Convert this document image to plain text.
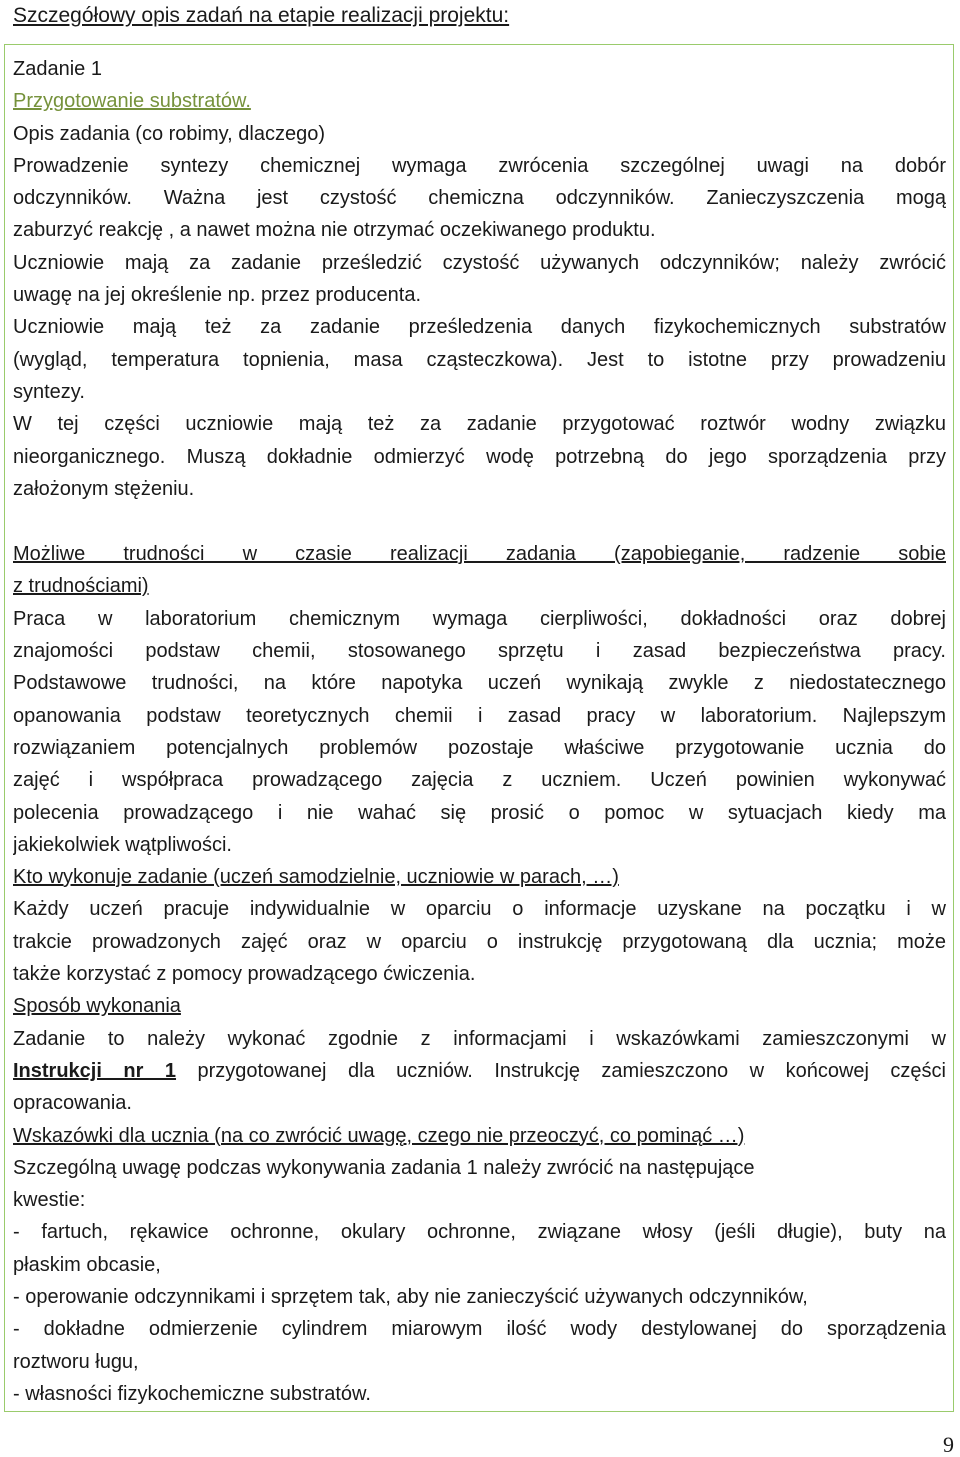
Szczegółowy opis zadań na etapie realizacji projektu:
Zadanie 1
Przygotowanie substratów.
Opis zadania (co robimy, dlaczego)
Prowadzenie syntezy chemicznej wymaga zwrócenia szczególnej uwagi na dobór
odczynników. Ważna jest czystość chemiczna odczynników. Zanieczyszczenia mogą
zaburzyć reakcję , a nawet można nie otrzymać oczekiwanego produktu.
Uczniowie mają za zadanie prześledzić czystość używanych odczynników; należy zwrócić
uwagę na jej określenie np. przez producenta.
Uczniowie mają też za zadanie prześledzenia danych fizykochemicznych substratów
(wygląd, temperatura topnienia, masa cząsteczkowa). Jest to istotne przy prowadzeniu
syntezy.
W tej części uczniowie mają też za zadanie przygotować roztwór wodny związku
nieorganicznego. Muszą dokładnie odmierzyć wodę potrzebną do jego sporządzenia przy
założonym stężeniu.
Możliwe trudności w czasie realizacji zadania (zapobieganie, radzenie sobie
z trudnościami)
Praca w laboratorium chemicznym wymaga cierpliwości, dokładności oraz dobrej
znajomości podstaw chemii, stosowanego sprzętu i zasad bezpieczeństwa pracy.
Podstawowe trudności, na które napotyka uczeń wynikają zwykle z niedostatecznego
opanowania podstaw teoretycznych chemii i zasad pracy w laboratorium. Najlepszym
rozwiązaniem potencjalnych problemów pozostaje właściwe przygotowanie ucznia do
zajęć i współpraca prowadzącego zajęcia z uczniem. Uczeń powinien wykonywać
polecenia prowadzącego i nie wahać się prosić o pomoc w sytuacjach kiedy ma
jakiekolwiek wątpliwości.
Kto wykonuje zadanie (uczeń samodzielnie, uczniowie w parach, …)
Każdy uczeń pracuje indywidualnie w oparciu o informacje uzyskane na początku i w
trakcie prowadzonych zajęć oraz w oparciu o instrukcję przygotowaną dla ucznia; może
także korzystać z pomocy prowadzącego ćwiczenia.
Sposób wykonania
Zadanie to należy wykonać zgodnie z informacjami i wskazówkami zamieszczonymi w
Instrukcji nr 1 przygotowanej dla uczniów. Instrukcję zamieszczono w końcowej części
opracowania.
Wskazówki dla ucznia (na co zwrócić uwagę, czego nie przeoczyć, co pominąć …)
Szczególną uwagę podczas wykonywania zadania 1 należy zwrócić na następujące
kwestie:
- fartuch, rękawice ochronne, okulary ochronne, związane włosy (jeśli długie), buty na
płaskim obcasie,
- operowanie odczynnikami i sprzętem tak, aby nie zanieczyścić używanych odczynników,
- dokładne odmierzenie cylindrem miarowym ilość wody destylowanej do sporządzenia
roztworu ługu,
- własności fizykochemiczne substratów.
9
